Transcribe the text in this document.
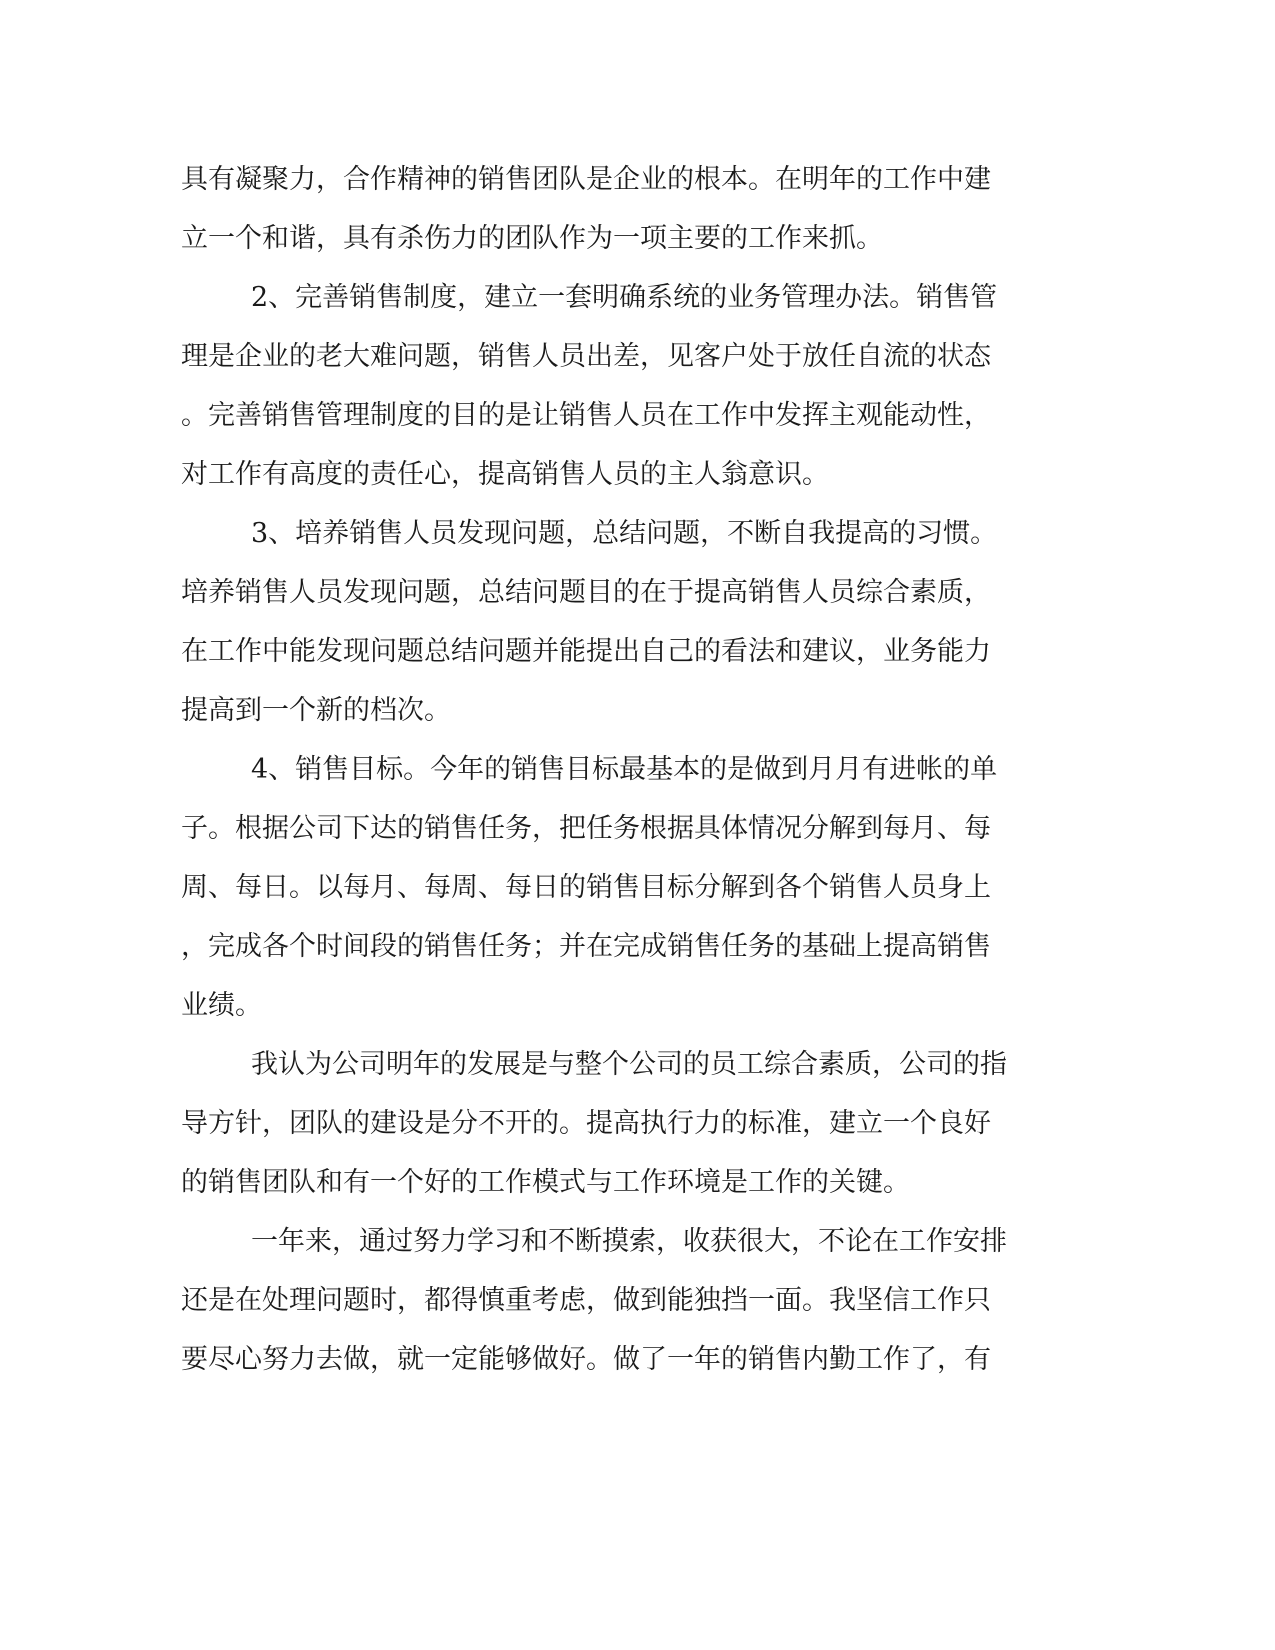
具有凝聚力，合作精神的销售团队是企业的根本。在明年的工作中建
立一个和谐，具有杀伤力的团队作为一项主要的工作来抓。
2、完善销售制度，建立一套明确系统的业务管理办法。销售管
理是企业的老大难问题，销售人员出差，见客户处于放任自流的状态
。完善销售管理制度的目的是让销售人员在工作中发挥主观能动性，
对工作有高度的责任心，提高销售人员的主人翁意识。
3、培养销售人员发现问题，总结问题，不断自我提高的习惯。
培养销售人员发现问题，总结问题目的在于提高销售人员综合素质，
在工作中能发现问题总结问题并能提出自己的看法和建议，业务能力
提高到一个新的档次。
4、销售目标。今年的销售目标最基本的是做到月月有进帐的单
子。根据公司下达的销售任务，把任务根据具体情况分解到每月、每
周、每日。以每月、每周、每日的销售目标分解到各个销售人员身上
，完成各个时间段的销售任务；并在完成销售任务的基础上提高销售
业绩。
我认为公司明年的发展是与整个公司的员工综合素质，公司的指
导方针，团队的建设是分不开的。提高执行力的标准，建立一个良好
的销售团队和有一个好的工作模式与工作环境是工作的关键。
一年来，通过努力学习和不断摸索，收获很大，不论在工作安排
还是在处理问题时，都得慎重考虑，做到能独挡一面。我坚信工作只
要尽心努力去做，就一定能够做好。做了一年的销售内勤工作了，有
